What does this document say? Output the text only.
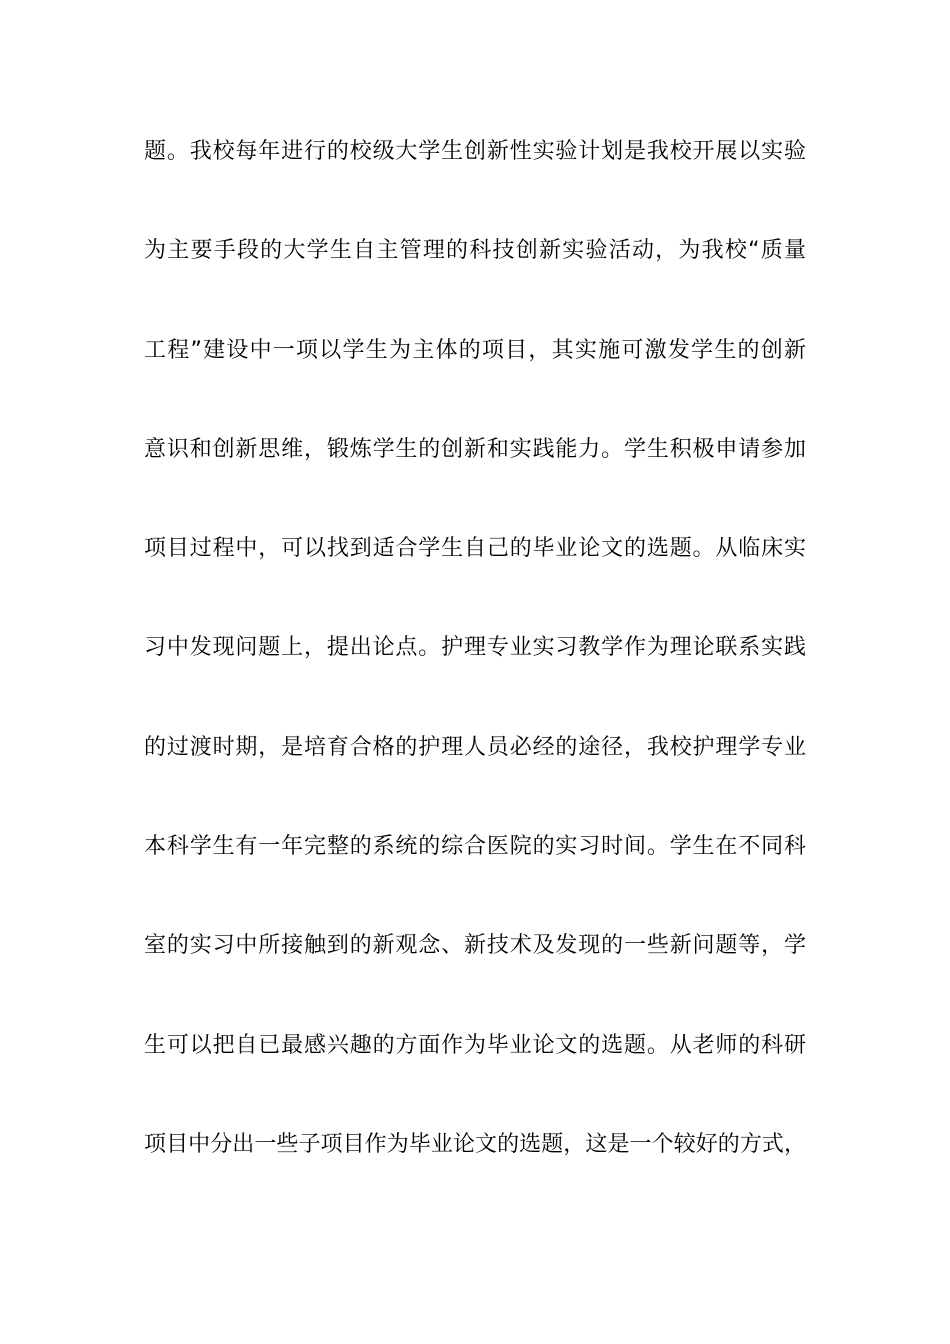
题。我校每年进行的校级大学生创新性实验计划是我校开展以实验
为主要手段的大学生自主管理的科技创新实验活动，为我校“质量
工程”建设中一项以学生为主体的项目，其实施可激发学生的创新
意识和创新思维，锻炼学生的创新和实践能力。学生积极申请参加
项目过程中，可以找到适合学生自己的毕业论文的选题。从临床实
习中发现问题上，提出论点。护理专业实习教学作为理论联系实践
的过渡时期，是培育合格的护理人员必经的途径，我校护理学专业
本科学生有一年完整的系统的综合医院的实习时间。学生在不同科
室的实习中所接触到的新观念、新技术及发现的一些新问题等，学
生可以把自已最感兴趣的方面作为毕业论文的选题。从老师的科研
项目中分出一些子项目作为毕业论文的选题，这是一个较好的方式，
